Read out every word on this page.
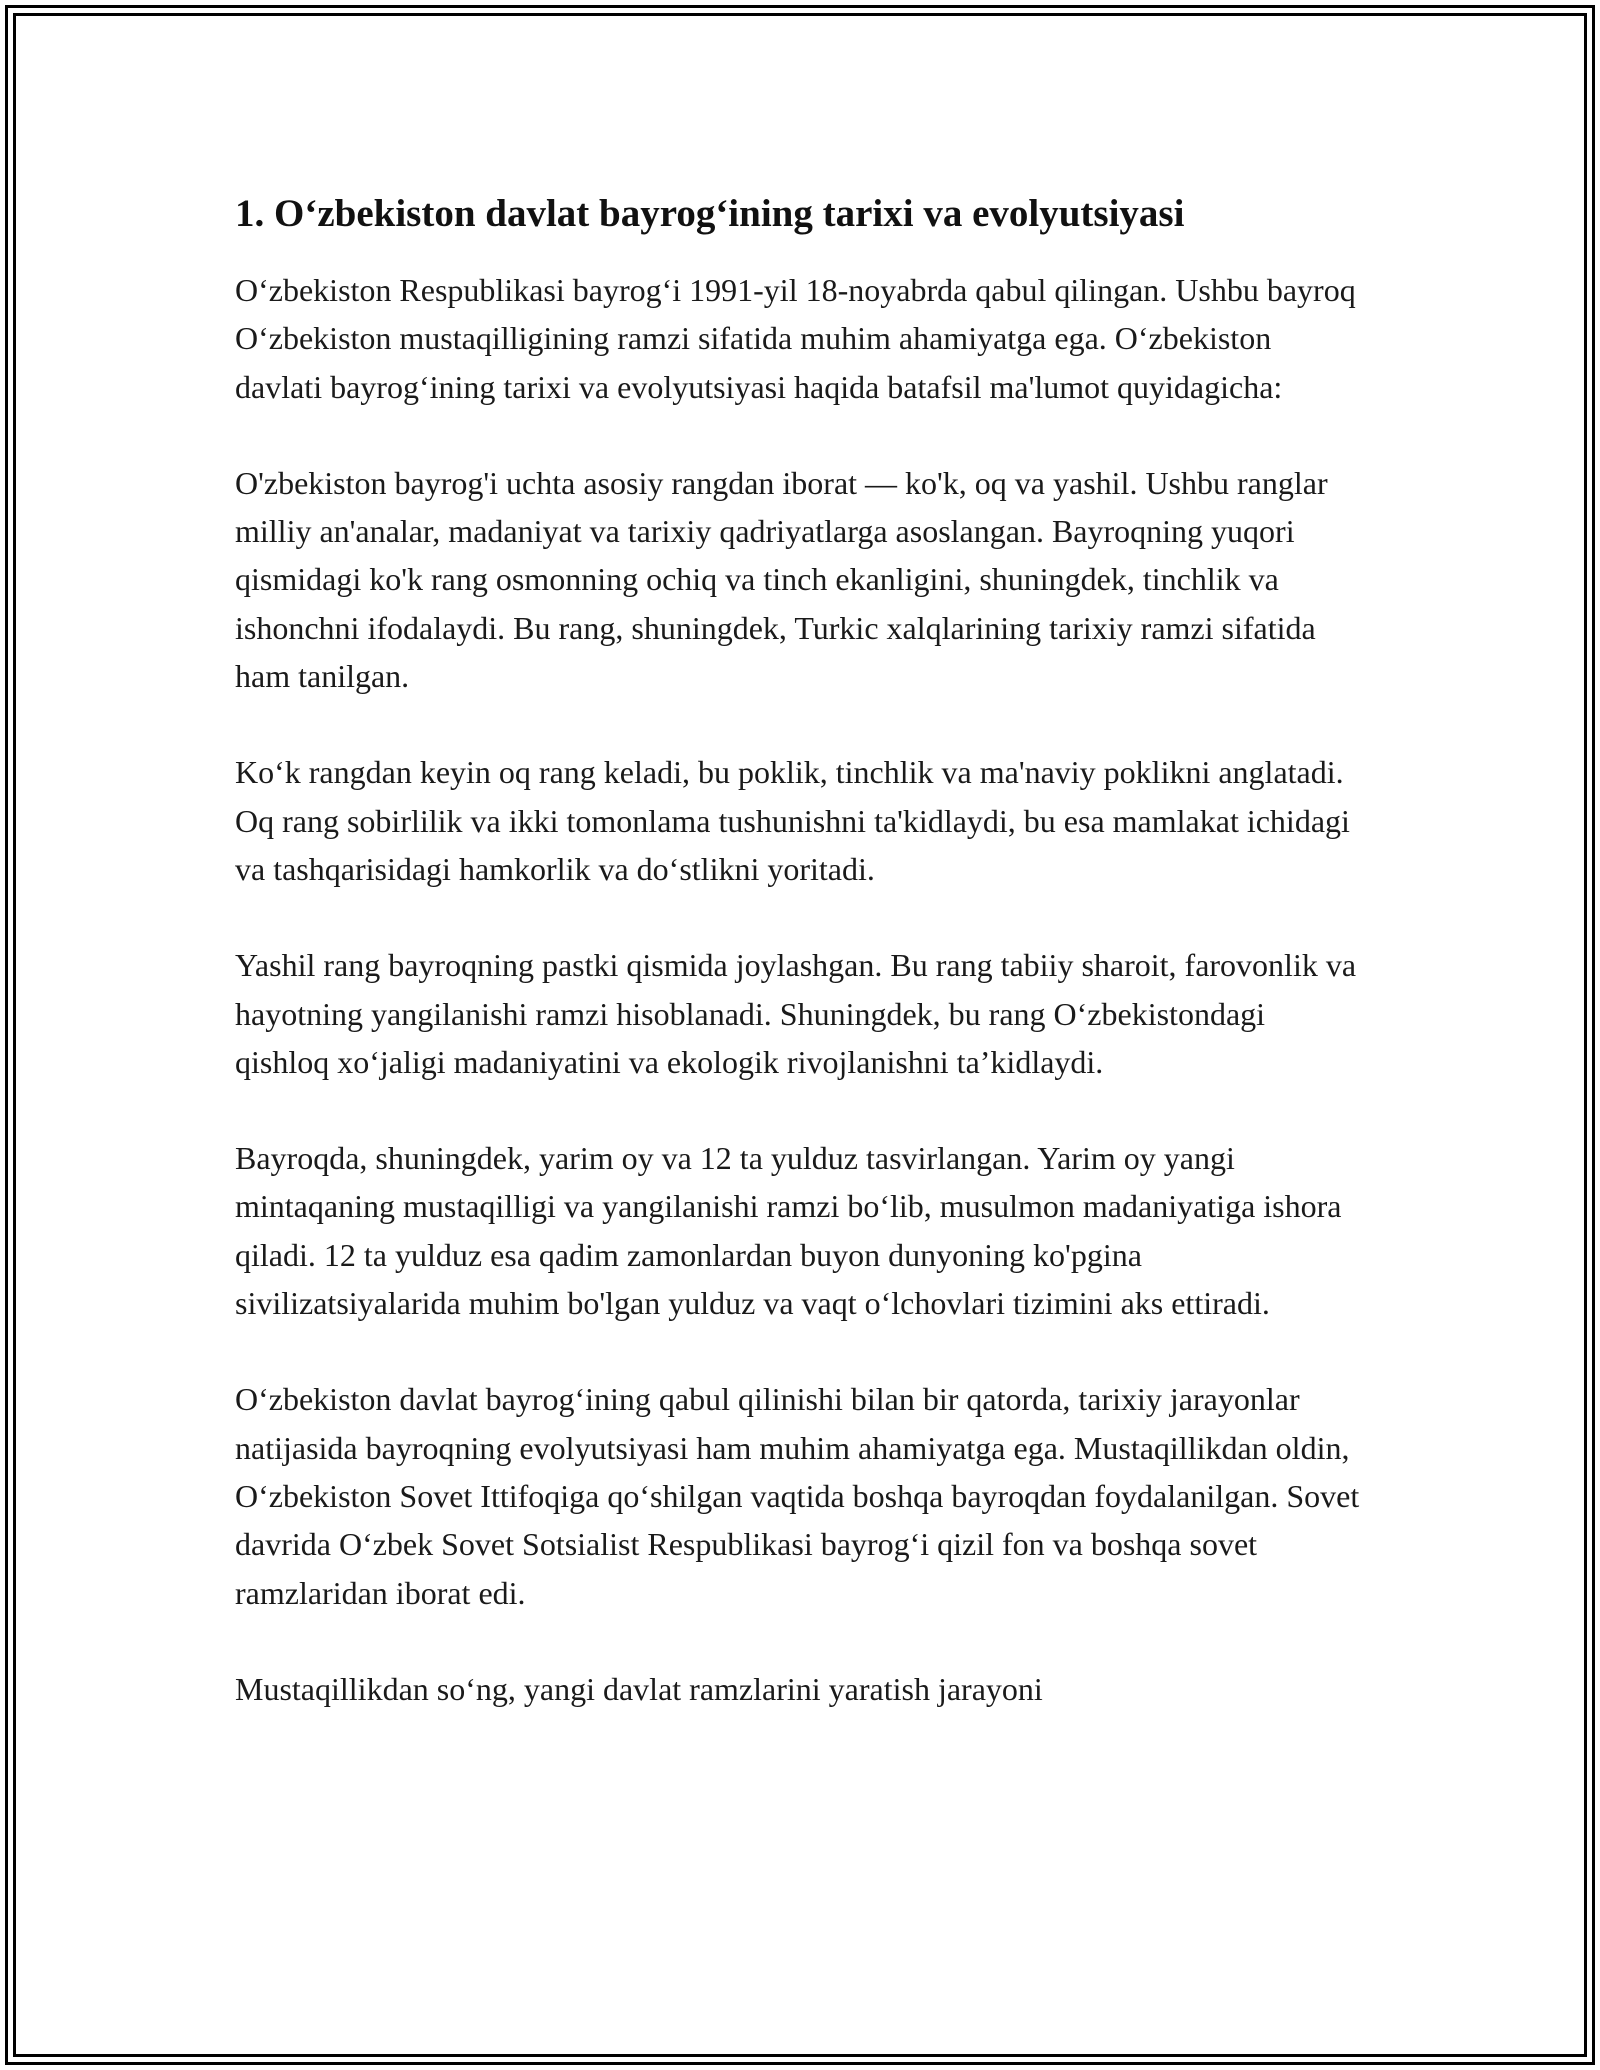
1. O‘zbekiston davlat bayrog‘ining tarixi va evolyutsiyasi

O‘zbekiston Respublikasi bayrog‘i 1991-yil 18-noyabrda qabul qilingan. Ushbu bayroq O‘zbekiston mustaqilligining ramzi sifatida muhim ahamiyatga ega. O‘zbekiston davlati bayrog‘ining tarixi va evolyutsiyasi haqida batafsil ma'lumot quyidagicha:

O'zbekiston bayrog'i uchta asosiy rangdan iborat — ko'k, oq va yashil. Ushbu ranglar milliy an'analar, madaniyat va tarixiy qadriyatlarga asoslangan. Bayroqning yuqori qismidagi ko'k rang osmonning ochiq va tinch ekanligini, shuningdek, tinchlik va ishonchni ifodalaydi. Bu rang, shuningdek, Turkic xalqlarining tarixiy ramzi sifatida ham tanilgan.

Ko‘k rangdan keyin oq rang keladi, bu poklik, tinchlik va ma'naviy poklikni anglatadi. Oq rang sobirlilik va ikki tomonlama tushunishni ta'kidlaydi, bu esa mamlakat ichidagi va tashqarisidagi hamkorlik va do‘stlikni yoritadi.

Yashil rang bayroqning pastki qismida joylashgan. Bu rang tabiiy sharoit, farovonlik va hayotning yangilanishi ramzi hisoblanadi. Shuningdek, bu rang O‘zbekistondagi qishloq xo‘jaligi madaniyatini va ekologik rivojlanishni ta’kidlaydi.

Bayroqda, shuningdek, yarim oy va 12 ta yulduz tasvirlangan. Yarim oy yangi mintaqaning mustaqilligi va yangilanishi ramzi bo‘lib, musulmon madaniyatiga ishora qiladi. 12 ta yulduz esa qadim zamonlardan buyon dunyoning ko'pgina sivilizatsiyalarida muhim bo'lgan yulduz va vaqt o‘lchovlari tizimini aks ettiradi.

O‘zbekiston davlat bayrog‘ining qabul qilinishi bilan bir qatorda, tarixiy jarayonlar natijasida bayroqning evolyutsiyasi ham muhim ahamiyatga ega. Mustaqillikdan oldin, O‘zbekiston Sovet Ittifoqiga qo‘shilgan vaqtida boshqa bayroqdan foydalanilgan. Sovet davrida O‘zbek Sovet Sotsialist Respublikasi bayrog‘i qizil fon va boshqa sovet ramzlaridan iborat edi.

Mustaqillikdan so‘ng, yangi davlat ramzlarini yaratish jarayoni
